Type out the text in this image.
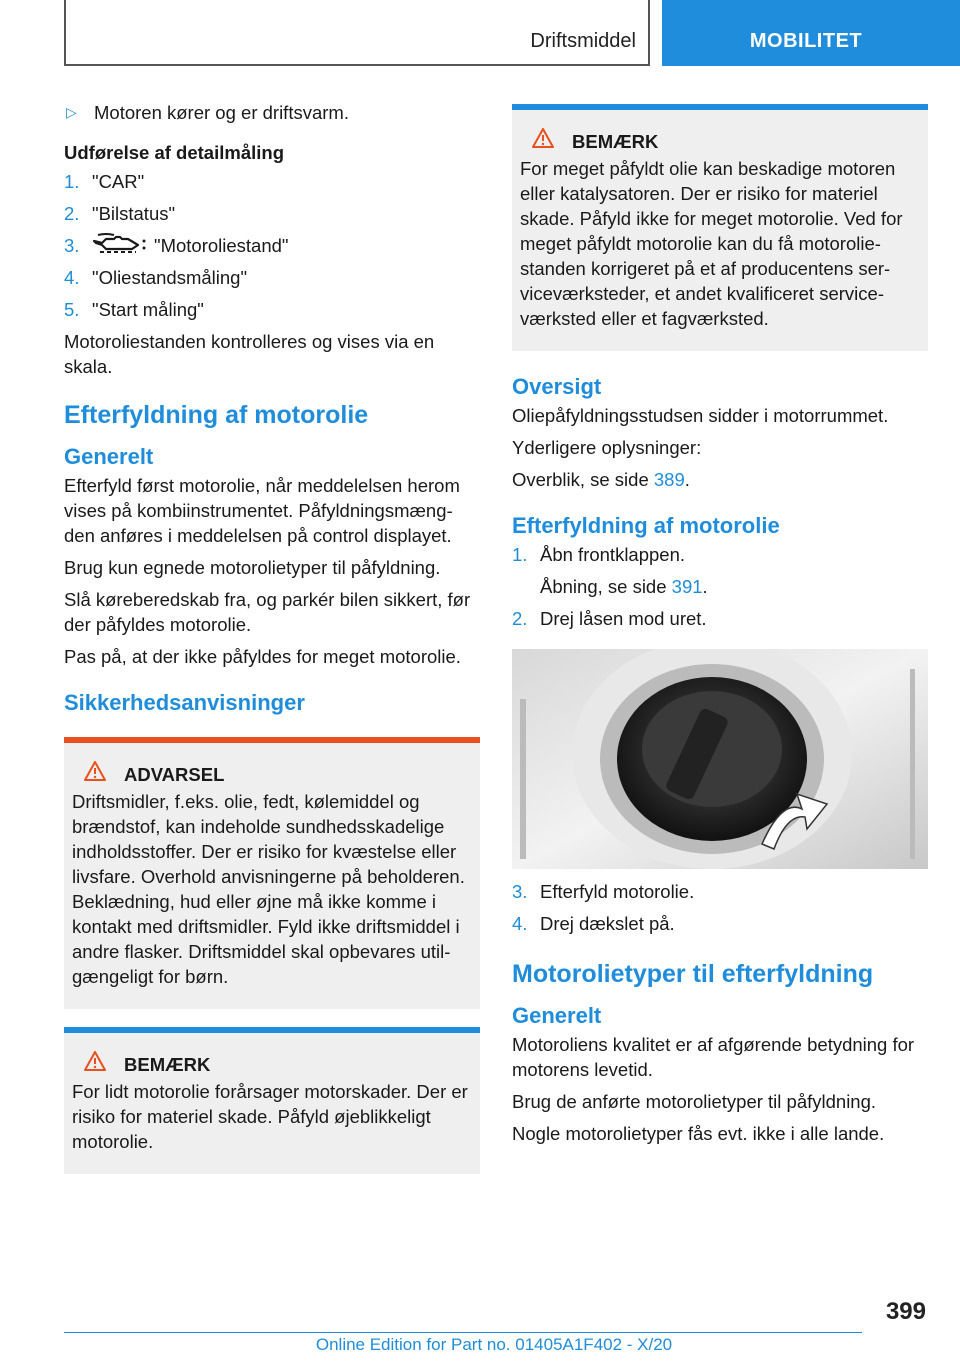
Driftsmiddel	MOBILITET
▷ Motoren kører og er driftsvarm.
Udførelse af detailmåling
1. "CAR"
2. "Bilstatus"
3.	"Motoroliestand"
4. "Oliestandsmåling"
5. "Start måling"

Motoroliestanden kontrolleres og vises via en skala.

Efterfyldning af motorolie
Generelt

Efterfyld først motorolie, når meddelelsen herom vises på kombiinstrumentet. Påfyldningsmæng-den anføres i meddelelsen på control displayet.

Brug kun egnede motorolietyper til påfyldning.

Slå køreberedskab fra, og parkér bilen sikkert, før der påfyldes motorolie.

Pas på, at der ikke påfyldes for meget motorolie.

Sikkerhedsanvisninger
ADVARSEL

Driftsmidler, f.eks. olie, fedt, kølemiddel og brændstof, kan indeholde sundhedsskadelige indholdsstoffer. Der er risiko for kvæstelse eller livsfare. Overhold anvisningerne på beholderen. Beklædning, hud eller øjne må ikke komme i kontakt med driftsmidler. Fyld ikke driftsmiddel i andre flasker. Driftsmiddel skal opbevares util-gængeligt for børn.

BEMÆRK

For lidt motorolie forårsager motorskader. Der er risiko for materiel skade. Påfyld øjeblikkeligt motorolie.

BEMÆRK

For meget påfyldt olie kan beskadige motoren eller katalysatoren. Der er risiko for materiel skade. Påfyld ikke for meget motorolie. Ved for meget påfyldt motorolie kan du få motorolie-standen korrigeret på et af producentens ser-viceværksteder, et andet kvalificeret service-værksted eller et fagværksted.

Oversigt

Oliepåfyldningsstudsen sidder i motorrummet.

Yderligere oplysninger:

Overblik, se side 389.

Efterfyldning af motorolie
1. Åbn frontklappen.
Åbning, se side 391.
2. Drej låsen mod uret.
3. Efterfyld motorolie.
4. Drej dækslet på.
Motorolietyper til efterfyldning
Generelt

Motoroliens kvalitet er af afgørende betydning for motorens levetid.

Brug de anførte motorolietyper til påfyldning.

Nogle motorolietyper fås evt. ikke i alle lande.

399
Online Edition for Part no. 01405A1F402 - X/20
